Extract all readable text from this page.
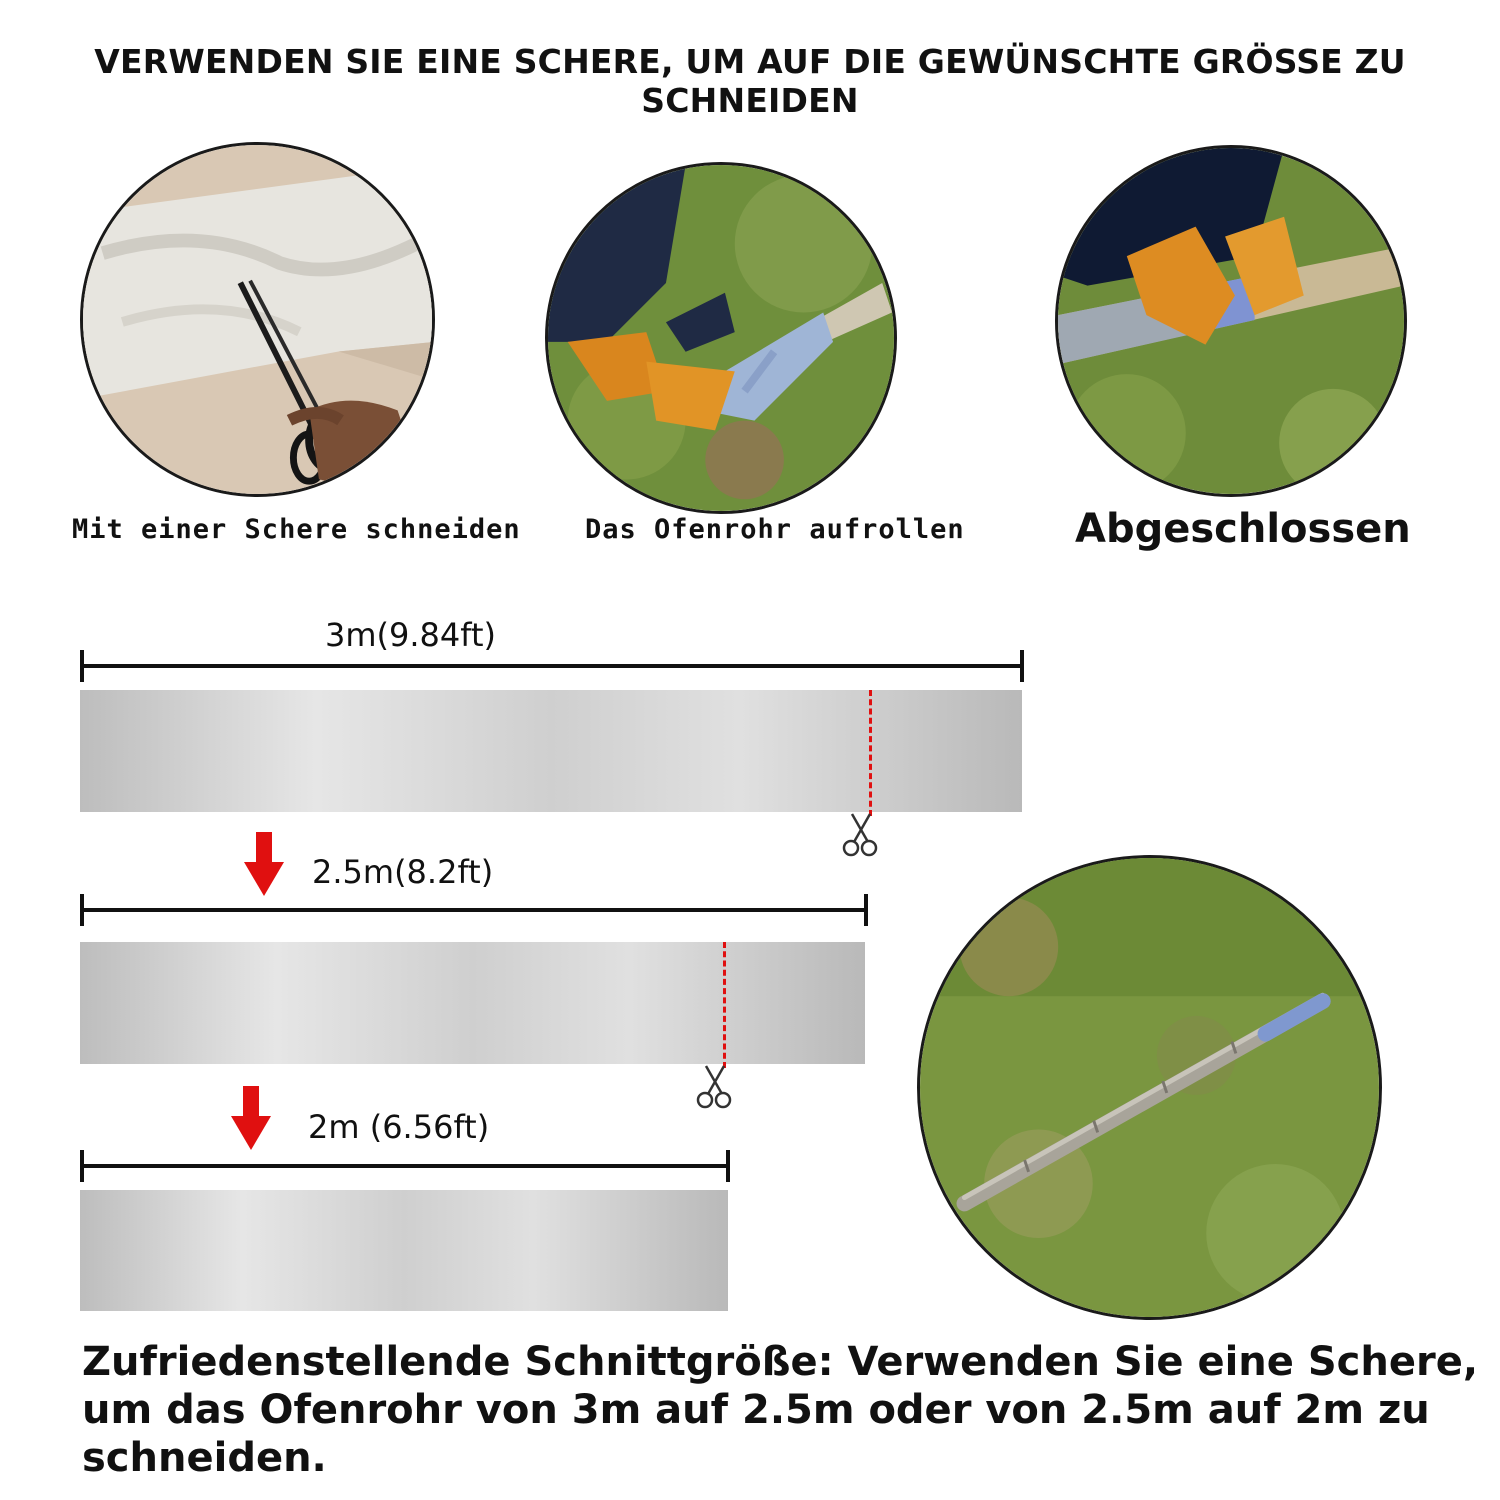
VERWENDEN SIE EINE SCHERE, UM AUF DIE GEWÜNSCHTE GRÖSSE ZU SCHNEIDEN
Mit einer Schere schneiden Das Ofenrohr aufrollen	Abgeschlossen
3m(9.84ft)
2.5m(8.2ft)
2m (6.56ft)
Zufriedenstellende Schnittgröße: Verwenden Sie eine Schere, um das Ofenrohr von 3m auf 2.5m oder von 2.5m auf 2m zu schneiden.
